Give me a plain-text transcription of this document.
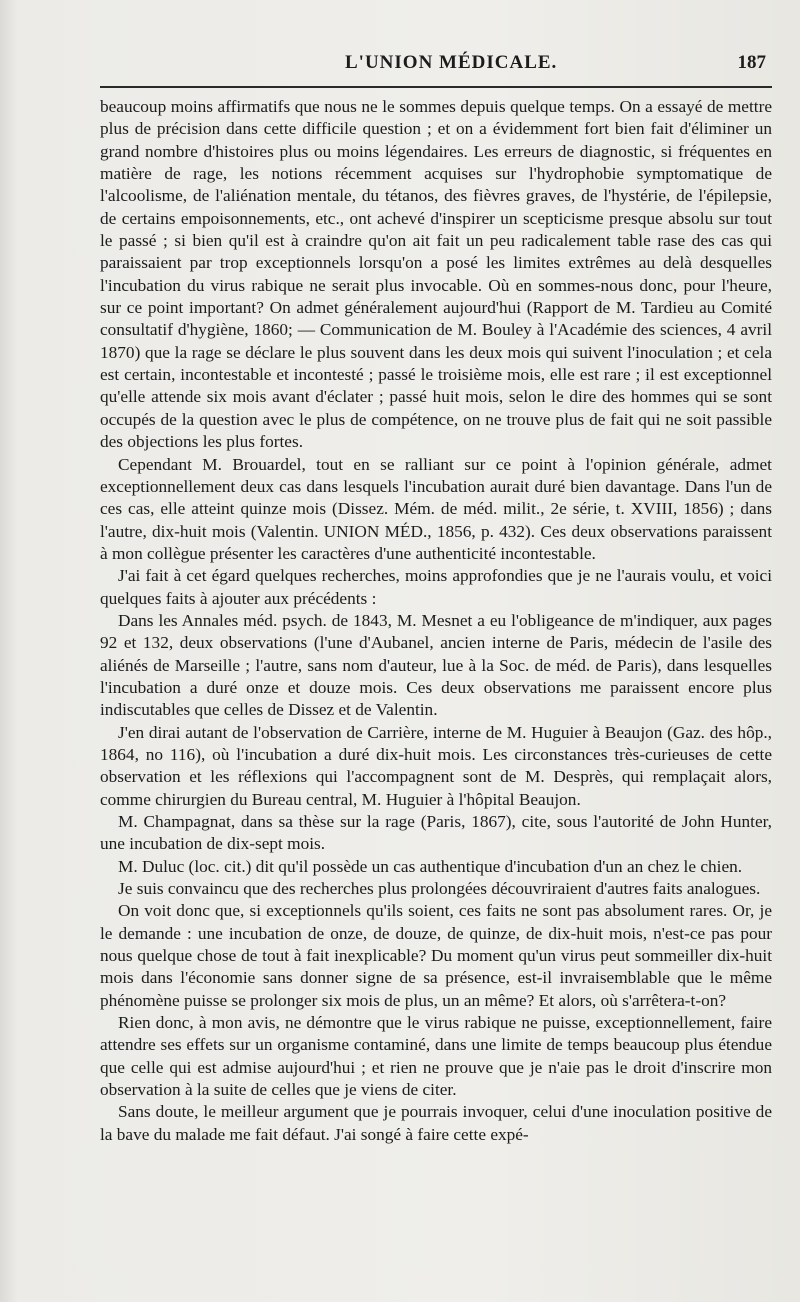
L'UNION MÉDICALE.	187

beaucoup moins affirmatifs que nous ne le sommes depuis quelque temps. On a essayé de mettre plus de précision dans cette difficile question ; et on a évidemment fort bien fait d'éliminer un grand nombre d'histoires plus ou moins légendaires. Les erreurs de diagnostic, si fréquentes en matière de rage, les notions récemment acquises sur l'hydrophobie symptomatique de l'alcoolisme, de l'aliénation mentale, du tétanos, des fièvres graves, de l'hystérie, de l'épilepsie, de certains empoisonnements, etc., ont achevé d'inspirer un scepticisme presque absolu sur tout le passé ; si bien qu'il est à craindre qu'on ait fait un peu radicalement table rase des cas qui paraissaient par trop exceptionnels lorsqu'on a posé les limites extrêmes au delà desquelles l'incubation du virus rabique ne serait plus invocable. Où en sommes-nous donc, pour l'heure, sur ce point important? On admet généralement aujourd'hui (Rapport de M. Tardieu au Comité consultatif d'hygiène, 1860; — Communication de M. Bouley à l'Académie des sciences, 4 avril 1870) que la rage se déclare le plus souvent dans les deux mois qui suivent l'inoculation ; et cela est certain, incontestable et incontesté ; passé le troisième mois, elle est rare ; il est exceptionnel qu'elle attende six mois avant d'éclater ; passé huit mois, selon le dire des hommes qui se sont occupés de la question avec le plus de compétence, on ne trouve plus de fait qui ne soit passible des objections les plus fortes.

Cependant M. Brouardel, tout en se ralliant sur ce point à l'opinion générale, admet exceptionnellement deux cas dans lesquels l'incubation aurait duré bien davantage. Dans l'un de ces cas, elle atteint quinze mois (Dissez. Mém. de méd. milit., 2e série, t. XVIII, 1856) ; dans l'autre, dix-huit mois (Valentin. UNION MÉD., 1856, p. 432). Ces deux observations paraissent à mon collègue présenter les caractères d'une authenticité incontestable.

J'ai fait à cet égard quelques recherches, moins approfondies que je ne l'aurais voulu, et voici quelques faits à ajouter aux précédents :

Dans les Annales méd. psych. de 1843, M. Mesnet a eu l'obligeance de m'indiquer, aux pages 92 et 132, deux observations (l'une d'Aubanel, ancien interne de Paris, médecin de l'asile des aliénés de Marseille ; l'autre, sans nom d'auteur, lue à la Soc. de méd. de Paris), dans lesquelles l'incubation a duré onze et douze mois. Ces deux observations me paraissent encore plus indiscutables que celles de Dissez et de Valentin.

J'en dirai autant de l'observation de Carrière, interne de M. Huguier à Beaujon (Gaz. des hôp., 1864, no 116), où l'incubation a duré dix-huit mois. Les circonstances très-curieuses de cette observation et les réflexions qui l'accompagnent sont de M. Desprès, qui remplaçait alors, comme chirurgien du Bureau central, M. Huguier à l'hôpital Beaujon.

M. Champagnat, dans sa thèse sur la rage (Paris, 1867), cite, sous l'autorité de John Hunter, une incubation de dix-sept mois.

M. Duluc (loc. cit.) dit qu'il possède un cas authentique d'incubation d'un an chez le chien.

Je suis convaincu que des recherches plus prolongées découvriraient d'autres faits analogues.

On voit donc que, si exceptionnels qu'ils soient, ces faits ne sont pas absolument rares. Or, je le demande : une incubation de onze, de douze, de quinze, de dix-huit mois, n'est-ce pas pour nous quelque chose de tout à fait inexplicable? Du moment qu'un virus peut sommeiller dix-huit mois dans l'économie sans donner signe de sa présence, est-il invraisemblable que le même phénomène puisse se prolonger six mois de plus, un an même? Et alors, où s'arrêtera-t-on?

Rien donc, à mon avis, ne démontre que le virus rabique ne puisse, exceptionnellement, faire attendre ses effets sur un organisme contaminé, dans une limite de temps beaucoup plus étendue que celle qui est admise aujourd'hui ; et rien ne prouve que je n'aie pas le droit d'inscrire mon observation à la suite de celles que je viens de citer.

Sans doute, le meilleur argument que je pourrais invoquer, celui d'une inoculation positive de la bave du malade me fait défaut. J'ai songé à faire cette expé-
